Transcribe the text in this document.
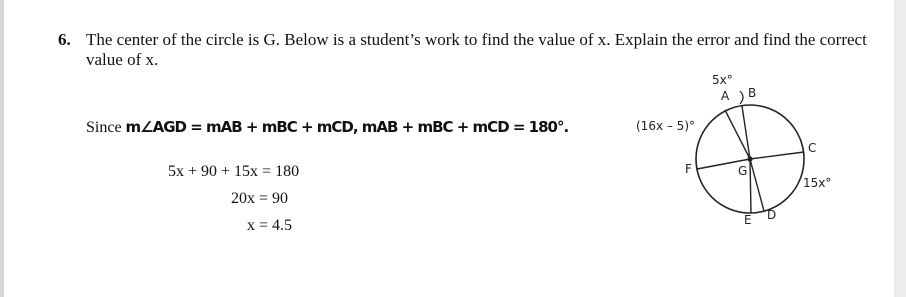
6. The center of the circle is G. Below is a student’s work to find the value of x. Explain the error and find the correct value of x.
Since m∠AGD = mAB + mBC + mCD, mAB + mBC + mCD = 180°.
5x + 90 + 15x = 180
20x = 90
x = 4.5
5x°
A B
(16x – 5)°
C
F	G
15x°
E D
